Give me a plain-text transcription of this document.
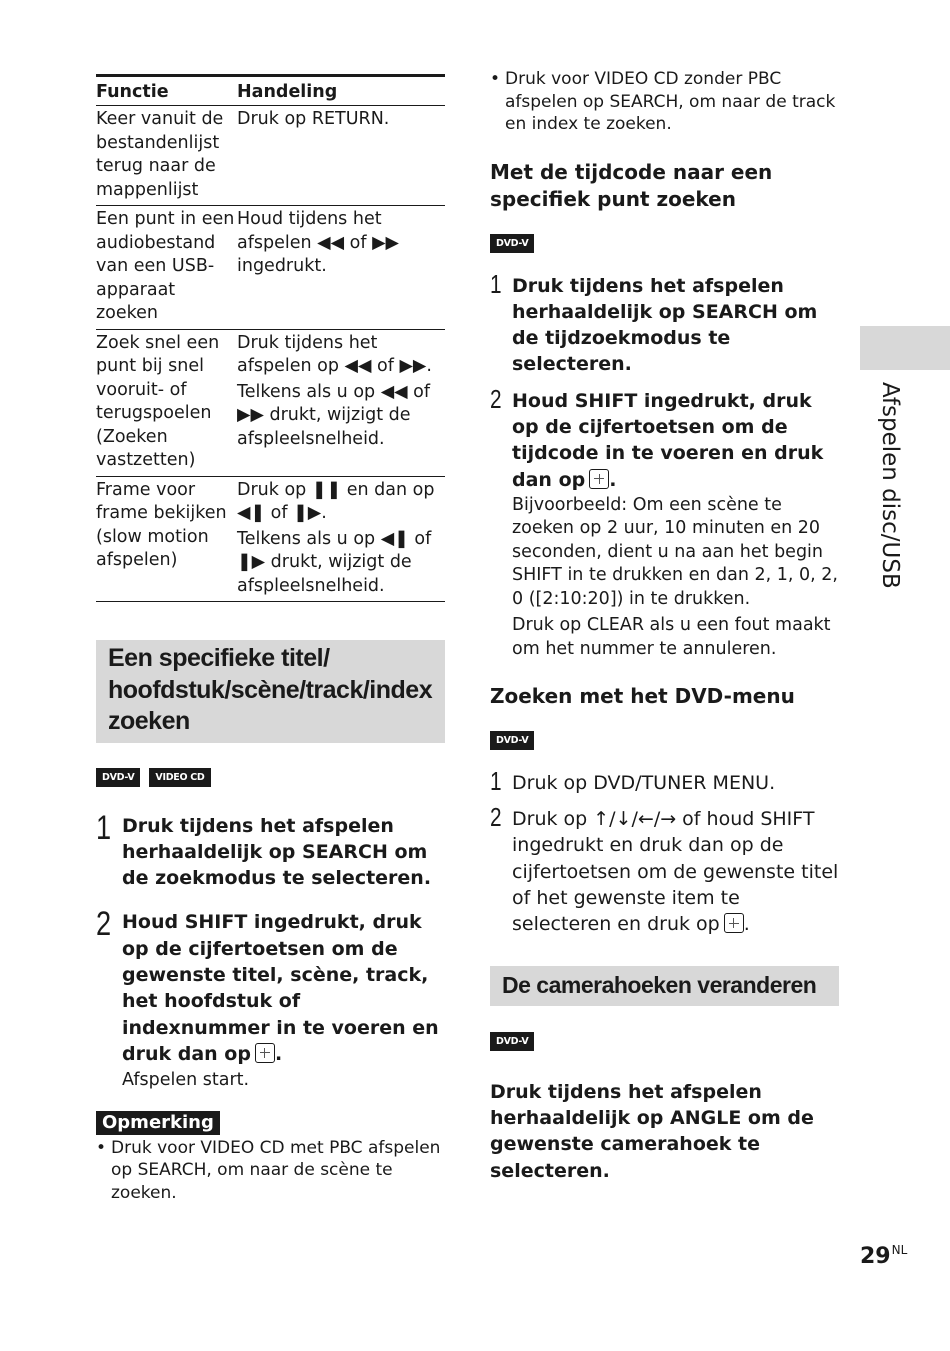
Functie	Handeling
Keer vanuit de bestandenlijst terug naar de mappenlijst	Druk op RETURN.

Een punt in een audiobestand van een USB-apparaat zoeken	Houd tijdens het afspelen ◀◀ of ▶▶ ingedrukt.

Zoek snel een punt bij snel vooruit- of terugspoelen (Zoeken vastzetten)	Druk tijdens het afspelen op ◀◀ of ▶▶.
Telkens als u op ◀◀ of ▶▶ drukt, wijzigt de afspleelsnelheid.

Frame voor frame bekijken (slow motion afspelen)	Druk op ❚❚ en dan op ◀❚ of ❚▶.
Telkens als u op ◀❚ of ❚▶ drukt, wijzigt de afspleelsnelheid.
Een specifieke titel/ hoofdstuk/scène/track/index zoeken
DVD-V	VIDEO CD
1 Druk tijdens het afspelen herhaaldelijk op SEARCH om de zoekmodus te selecteren.
2 Houd SHIFT ingedrukt, druk op de cijfertoetsen om de gewenste titel, scène, track, het hoofdstuk of indexnummer in te voeren en druk dan op .
Afspelen start.
Opmerking
• Druk voor VIDEO CD met PBC afspelen op SEARCH, om naar de scène te zoeken.
• Druk voor VIDEO CD zonder PBC afspelen op SEARCH, om naar de track en index te zoeken.
Met de tijdcode naar een specifiek punt zoeken
DVD-V
1 Druk tijdens het afspelen herhaaldelijk op SEARCH om de tijdzoekmodus te selecteren.
2 Houd SHIFT ingedrukt, druk op de cijfertoetsen om de tijdcode in te voeren en druk dan op .
Bijvoorbeeld: Om een scène te zoeken op 2 uur, 10 minuten en 20 seconden, dient u na aan het begin SHIFT in te drukken en dan 2, 1, 0, 2, 0 ([2:10:20]) in te drukken.
Druk op CLEAR als u een fout maakt om het nummer te annuleren.
Zoeken met het DVD-menu
DVD-V
1 Druk op DVD/TUNER MENU.
2 Druk op ↑/↓/←/→ of houd SHIFT ingedrukt en druk dan op de cijfertoetsen om de gewenste titel of het gewenste item te selecteren en druk op .
De camerahoeken veranderen
DVD-V
Druk tijdens het afspelen herhaaldelijk op ANGLE om de gewenste camerahoek te selecteren.
Afspelen disc/USB
$29^{NL}$
